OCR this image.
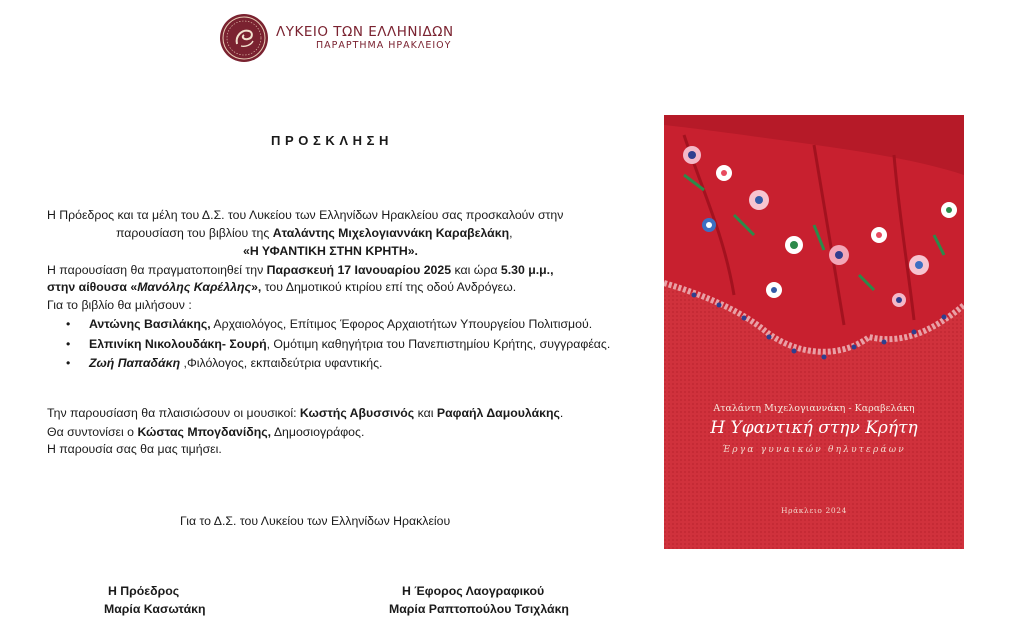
ΛΥΚΕΙΟ ΤΩΝ ΕΛΛΗΝΙΔΩΝ
ΠΑΡΑΡΤΗΜΑ ΗΡΑΚΛΕΙΟΥ
ΠΡΟΣΚΛΗΣΗ
Η Πρόεδρος και τα μέλη του Δ.Σ. του Λυκείου των Ελληνίδων Ηρακλείου σας προσκαλούν στην
παρουσίαση του βιβλίου της Αταλάντης Μιχελογιαννάκη Καραβελάκη,
«Η ΥΦΑΝΤΙΚΗ ΣΤΗΝ ΚΡΗΤΗ».
Η παρουσίαση θα πραγματοποιηθεί την Παρασκευή 17 Ιανουαρίου 2025 και ώρα 5.30 μ.μ.,
στην αίθουσα «Μανόλης Καρέλλης», του Δημοτικού κτιρίου επί της οδού Ανδρόγεω.
Για το βιβλίο θα μιλήσουν :
• Αντώνης Βασιλάκης, Αρχαιολόγος, Επίτιμος Έφορος Αρχαιοτήτων Υπουργείου Πολιτισμού.
• Ελπινίκη Νικολουδάκη- Σουρή, Ομότιμη καθηγήτρια του Πανεπιστημίου Κρήτης, συγγραφέας.
• Ζωή Παπαδάκη ,Φιλόλογος, εκπαιδεύτρια υφαντικής.
Την παρουσίαση θα πλαισιώσουν οι μουσικοί: Κωστής Αβυσσινός και Ραφαήλ Δαμουλάκης.
Θα συντονίσει ο Κώστας Μπογδανίδης, Δημοσιογράφος.
Η παρουσία σας θα μας τιμήσει.
Για το Δ.Σ. του Λυκείου των Ελληνίδων Ηρακλείου
Η Πρόεδρος
Μαρία Κασωτάκη
Η Έφορος Λαογραφικού
Μαρία Ραπτοπούλου Τσιχλάκη
Αταλάντη Μιχελογιαννάκη - Καραβελάκη
Η Υφαντική στην Κρήτη
Έργα γυναικών θηλυτεράων
Ηράκλειο 2024
